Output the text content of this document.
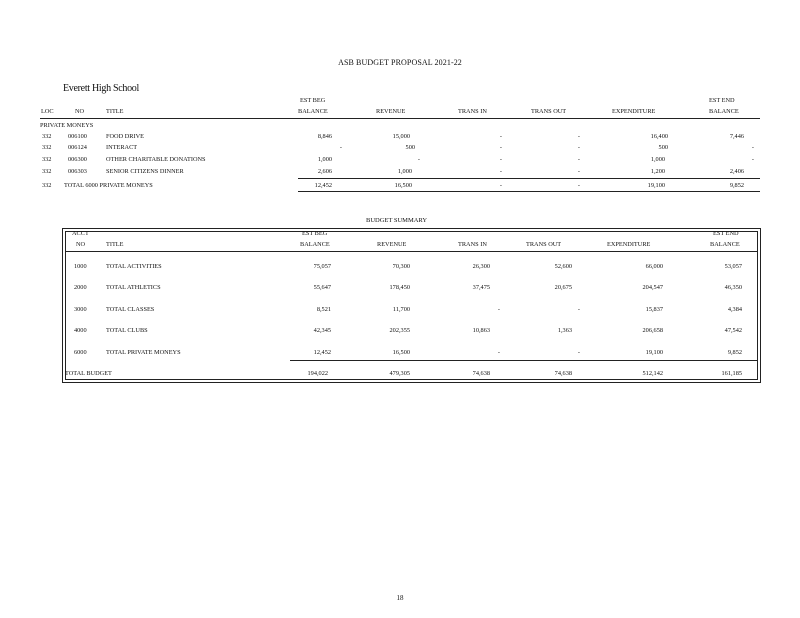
ASB BUDGET PROPOSAL 2021-22
Everett High School
EST BEG	EST END
LOC	NO	TITLE	BALANCE	REVENUE	TRANS IN	TRANS OUT	EXPENDITURE	BALANCE
PRIVATE MONEYS
332	006100	FOOD DRIVE	8,846	15,000	-	-	16,400	7,446
332	006124	INTERACT	-	500	-	-	500	-
332	006300	OTHER CHARITABLE DONATIONS	1,000	-	-	-	1,000	-
332	006303	SENIOR CITIZENS DINNER	2,606	1,000	-	-	1,200	2,406
332 TOTAL 6000 PRIVATE MONEYS	12,452	16,500	-	-	19,100	9,852
BUDGET SUMMARY
ACCT	EST BEG	EST END
NO	TITLE	BALANCE	REVENUE	TRANS IN	TRANS OUT	EXPENDITURE	BALANCE
1000	TOTAL ACTIVITIES	75,057	70,300	26,300	52,600	66,000	53,057
2000	TOTAL ATHLETICS	55,647	178,450	37,475	20,675	204,547	46,350
3000	TOTAL CLASSES	8,521	11,700	-	-	15,837	4,384
4000	TOTAL CLUBS	42,345	202,355	10,863	1,363	206,658	47,542
6000	TOTAL PRIVATE MONEYS	12,452	16,500	-	-	19,100	9,852
TOTAL BUDGET	194,022	479,305	74,638	74,638	512,142	161,185
18
